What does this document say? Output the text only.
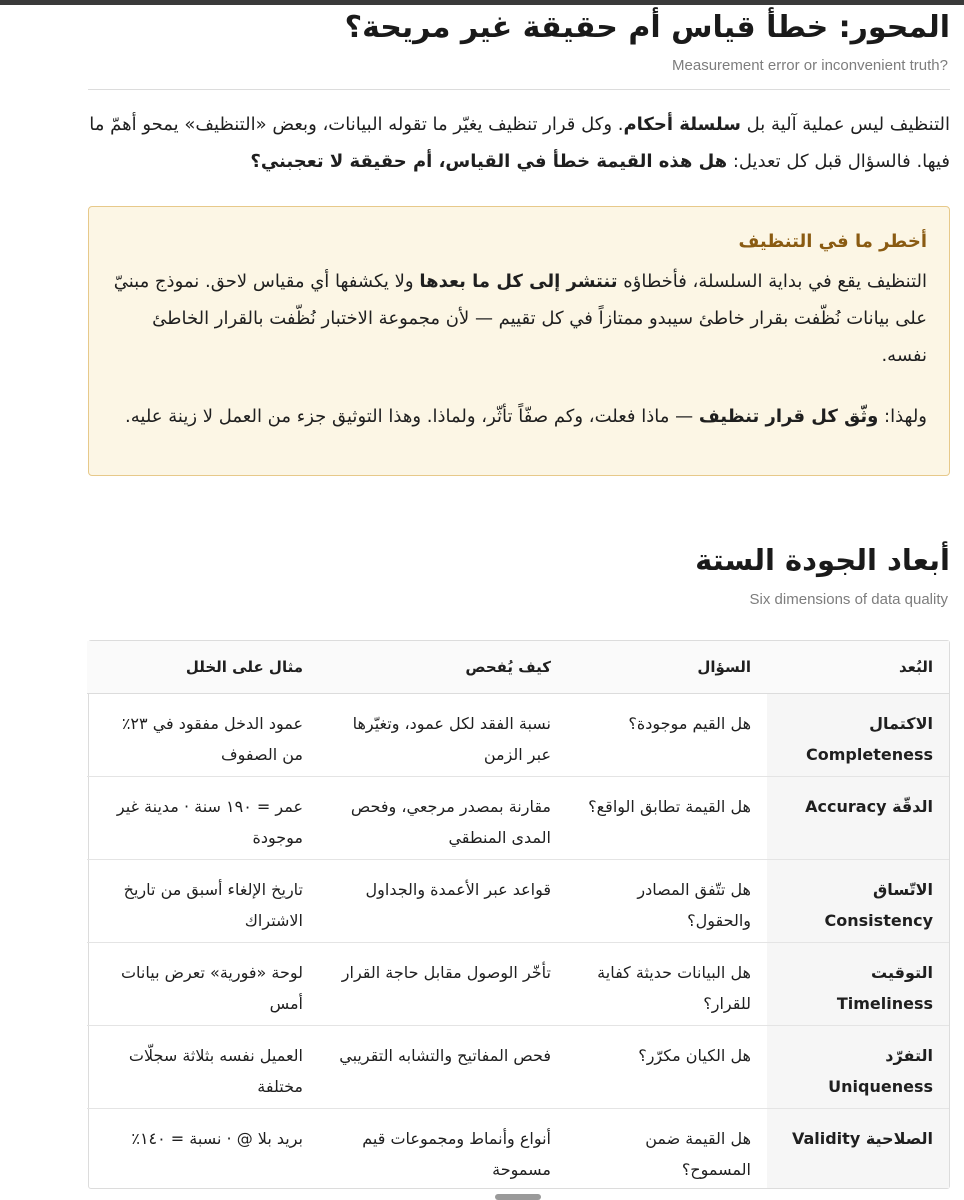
المحور: خطأ قياس أم حقيقة غير مريحة؟
Measurement error or inconvenient truth?

التنظيف ليس عملية آلية بل سلسلة أحكام. وكل قرار تنظيف يغيّر ما تقوله البيانات، وبعض «التنظيف» يمحو أهمّ ما فيها. فالسؤال قبل كل تعديل: هل هذه القيمة خطأ في القياس، أم حقيقة لا تعجبني؟

أخطر ما في التنظيف

التنظيف يقع في بداية السلسلة، فأخطاؤه تنتشر إلى كل ما بعدها ولا يكشفها أي مقياس لاحق. نموذج مبنيّ على بيانات نُظّفت بقرار خاطئ سيبدو ممتازاً في كل تقييم — لأن مجموعة الاختبار نُظّفت بالقرار الخاطئ نفسه.

ولهذا: وثّق كل قرار تنظيف — ماذا فعلت، وكم صفّاً تأثّر، ولماذا. وهذا التوثيق جزء من العمل لا زينة عليه.

أبعاد الجودة الستة
Six dimensions of data quality
البُعد	السؤال	كيف يُفحص	مثال على الخلل
الاكتمال Completeness	هل القيم موجودة؟	نسبة الفقد لكل عمود، وتغيّرها عبر الزمن	عمود الدخل مفقود في ٢٣٪ من الصفوف
الدقّة Accuracy	هل القيمة تطابق الواقع؟	مقارنة بمصدر مرجعي، وفحص المدى المنطقي	عمر = ١٩٠ سنة · مدينة غير موجودة
الاتّساق Consistency	هل تتّفق المصادر والحقول؟	قواعد عبر الأعمدة والجداول	تاريخ الإلغاء أسبق من تاريخ الاشتراك
التوقيت Timeliness	هل البيانات حديثة كفاية للقرار؟	تأخّر الوصول مقابل حاجة القرار	لوحة «فورية» تعرض بيانات أمس
التفرّد Uniqueness	هل الكيان مكرّر؟	فحص المفاتيح والتشابه التقريبي	العميل نفسه بثلاثة سجلّات مختلفة
الصلاحية Validity	هل القيمة ضمن المسموح؟	أنواع وأنماط ومجموعات قيم مسموحة	بريد بلا @ · نسبة = ١٤٠٪
